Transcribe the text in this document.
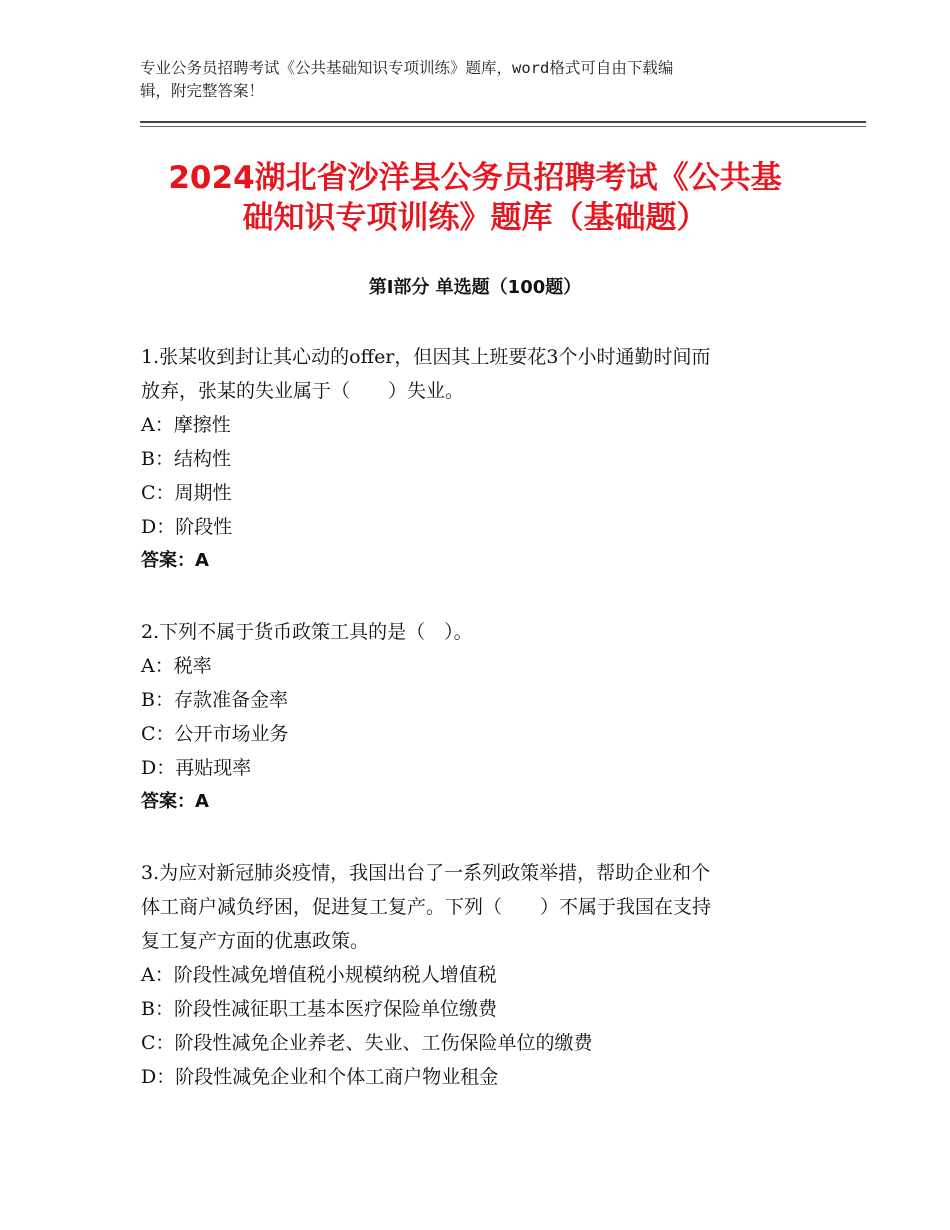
专业公务员招聘考试《公共基础知识专项训练》题库，word格式可自由下载编
辑，附完整答案！
2024湖北省沙洋县公务员招聘考试《公共基
础知识专项训练》题库（基础题）
第Ⅰ部分 单选题（100题）

1.张某收到封让其心动的offer，但因其上班要花3个小时通勤时间而
放弃，张某的失业属于（　　）失业。

A：摩擦性

B：结构性

C：周期性

D：阶段性

答案：A

2.下列不属于货币政策工具的是（　）。

A：税率

B：存款准备金率

C：公开市场业务

D：再贴现率

答案：A

3.为应对新冠肺炎疫情，我国出台了一系列政策举措，帮助企业和个
体工商户减负纾困，促进复工复产。下列（　　）不属于我国在支持
复工复产方面的优惠政策。

A：阶段性减免增值税小规模纳税人增值税

B：阶段性减征职工基本医疗保险单位缴费

C：阶段性减免企业养老、失业、工伤保险单位的缴费

D：阶段性减免企业和个体工商户物业租金
